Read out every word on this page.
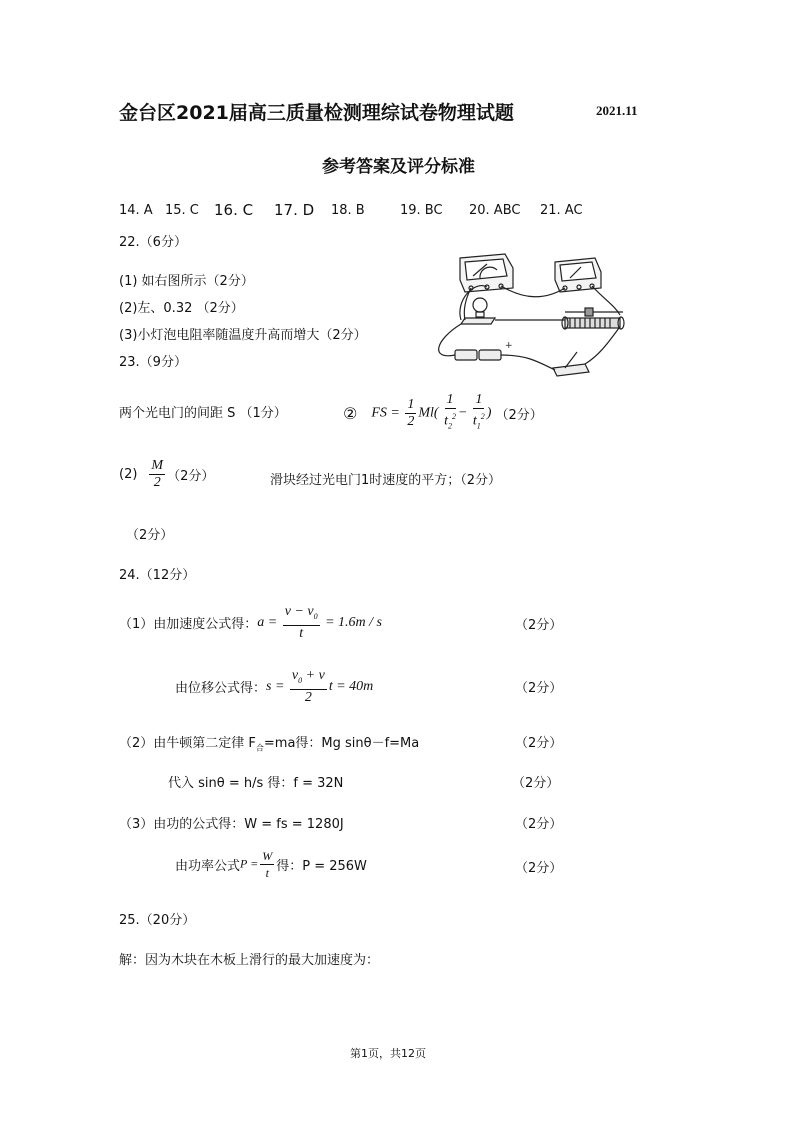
金台区2021届高三质量检测理综试卷物理试题	2021.11
参考答案及评分标准
14. A 15. C 16. C 17. D 18. B	19. BC 20. ABC 21. AC
22.（6分）
(1) 如右图所示（2分）
(2)左、0.32 （2分）
(3)小灯泡电阻率随温度升高而增大（2分）
+
23.（9分）
两个光电门的间距 S （1分）	② FS = $\frac{1}{2} Ml( \frac{1}{t_2^2} - \frac{1}{t_1^2}$ ) （2分）
$(2) \frac{M}{2} (2$分）	滑块经过光电门1时速度的平方；（2分）
（2分）
24.（12分）
（1）由加速度公式得： $a = \frac{v - v_0}{t} = 1.6m / s$	（2分）
由位移公式得： $s = \frac{v_0 + v}{2}$ t = 40m	（2分）
（2）由牛顿第二定律 $F_合=ma$得：Mg sinθ－f=Ma	（2分）
代入 sinθ = h/s 得：f = 32N	（2分）
（3）由功的公式得：W = fs = 1280J	（2分）
由功率公式 $P = \frac{W}{t}$ 得：P = 256W	（2分）
25.（20分）
解：因为木块在木板上滑行的最大加速度为：
第1页，共12页
